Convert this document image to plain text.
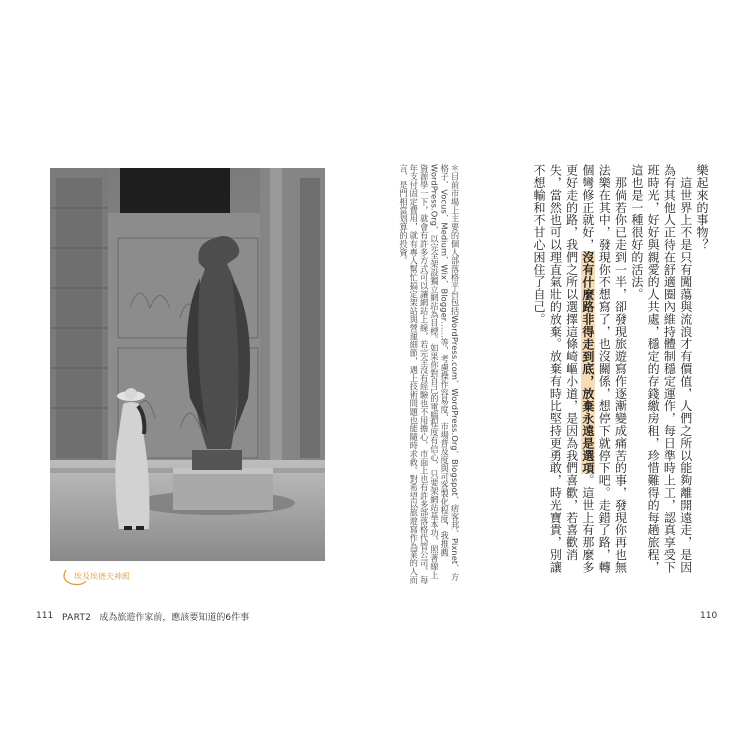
埃及埃德夫神殿
111 PART2 成為旅遊作家前，應該要知道的6件事
樂起來的事物？
　這世界上不是只有闖蕩與流浪才有價值，人們之所以能夠離開遠走，是因為有其他人正待在舒適圈內維持體制穩定運作，每日準時上工，認真享受下班時光，好好與親愛的人共處，穩定的存錢繳房租，珍惜難得的每趟旅程，這也是一種很好的活法。
　那倘若你已走到一半，卻發現旅遊寫作逐漸變成痛苦的事，發現你再也無法樂在其中，發現你不想寫了，也沒關係，想停下就停下吧。走錯了路，轉個彎修正就好，沒有什麼路非得走到底，放棄永遠是選項。這世上有那麼多更好走的路，我們之所以選擇這條崎嶇小道，是因為我們喜歡，若喜歡消失，當然也可以理直氣壯的放棄。放棄有時比堅持更勇敢，時光寶貴，別讓不想輸和不甘心困住了自己。
＊目前市場上主要的個人部落格平台包括WordPress.com、WordPress.Org、Blogspot、痞客邦、Pixnet、方格子、Vocus、Medium、Wix、Blogger……等，考慮操作容易度、市場普及度與可客製化程度，我推薦WordPress.Org，以完全架設獨立網站為目標。如果你對自己的電腦程度有信心，只要架網站基本功，照著線上資源學一下，就會有許多方式可以讓網站上線，若完全沒有經驗也不用擔心，市面上也有許多部落格代管公司，每年支付固定費用，就有專人幫忙搞定架站與營運細節，遇上技術問題也能隨時求救。對希望以旅遊寫作為業的人而言，是門相當划算的投資。
110
